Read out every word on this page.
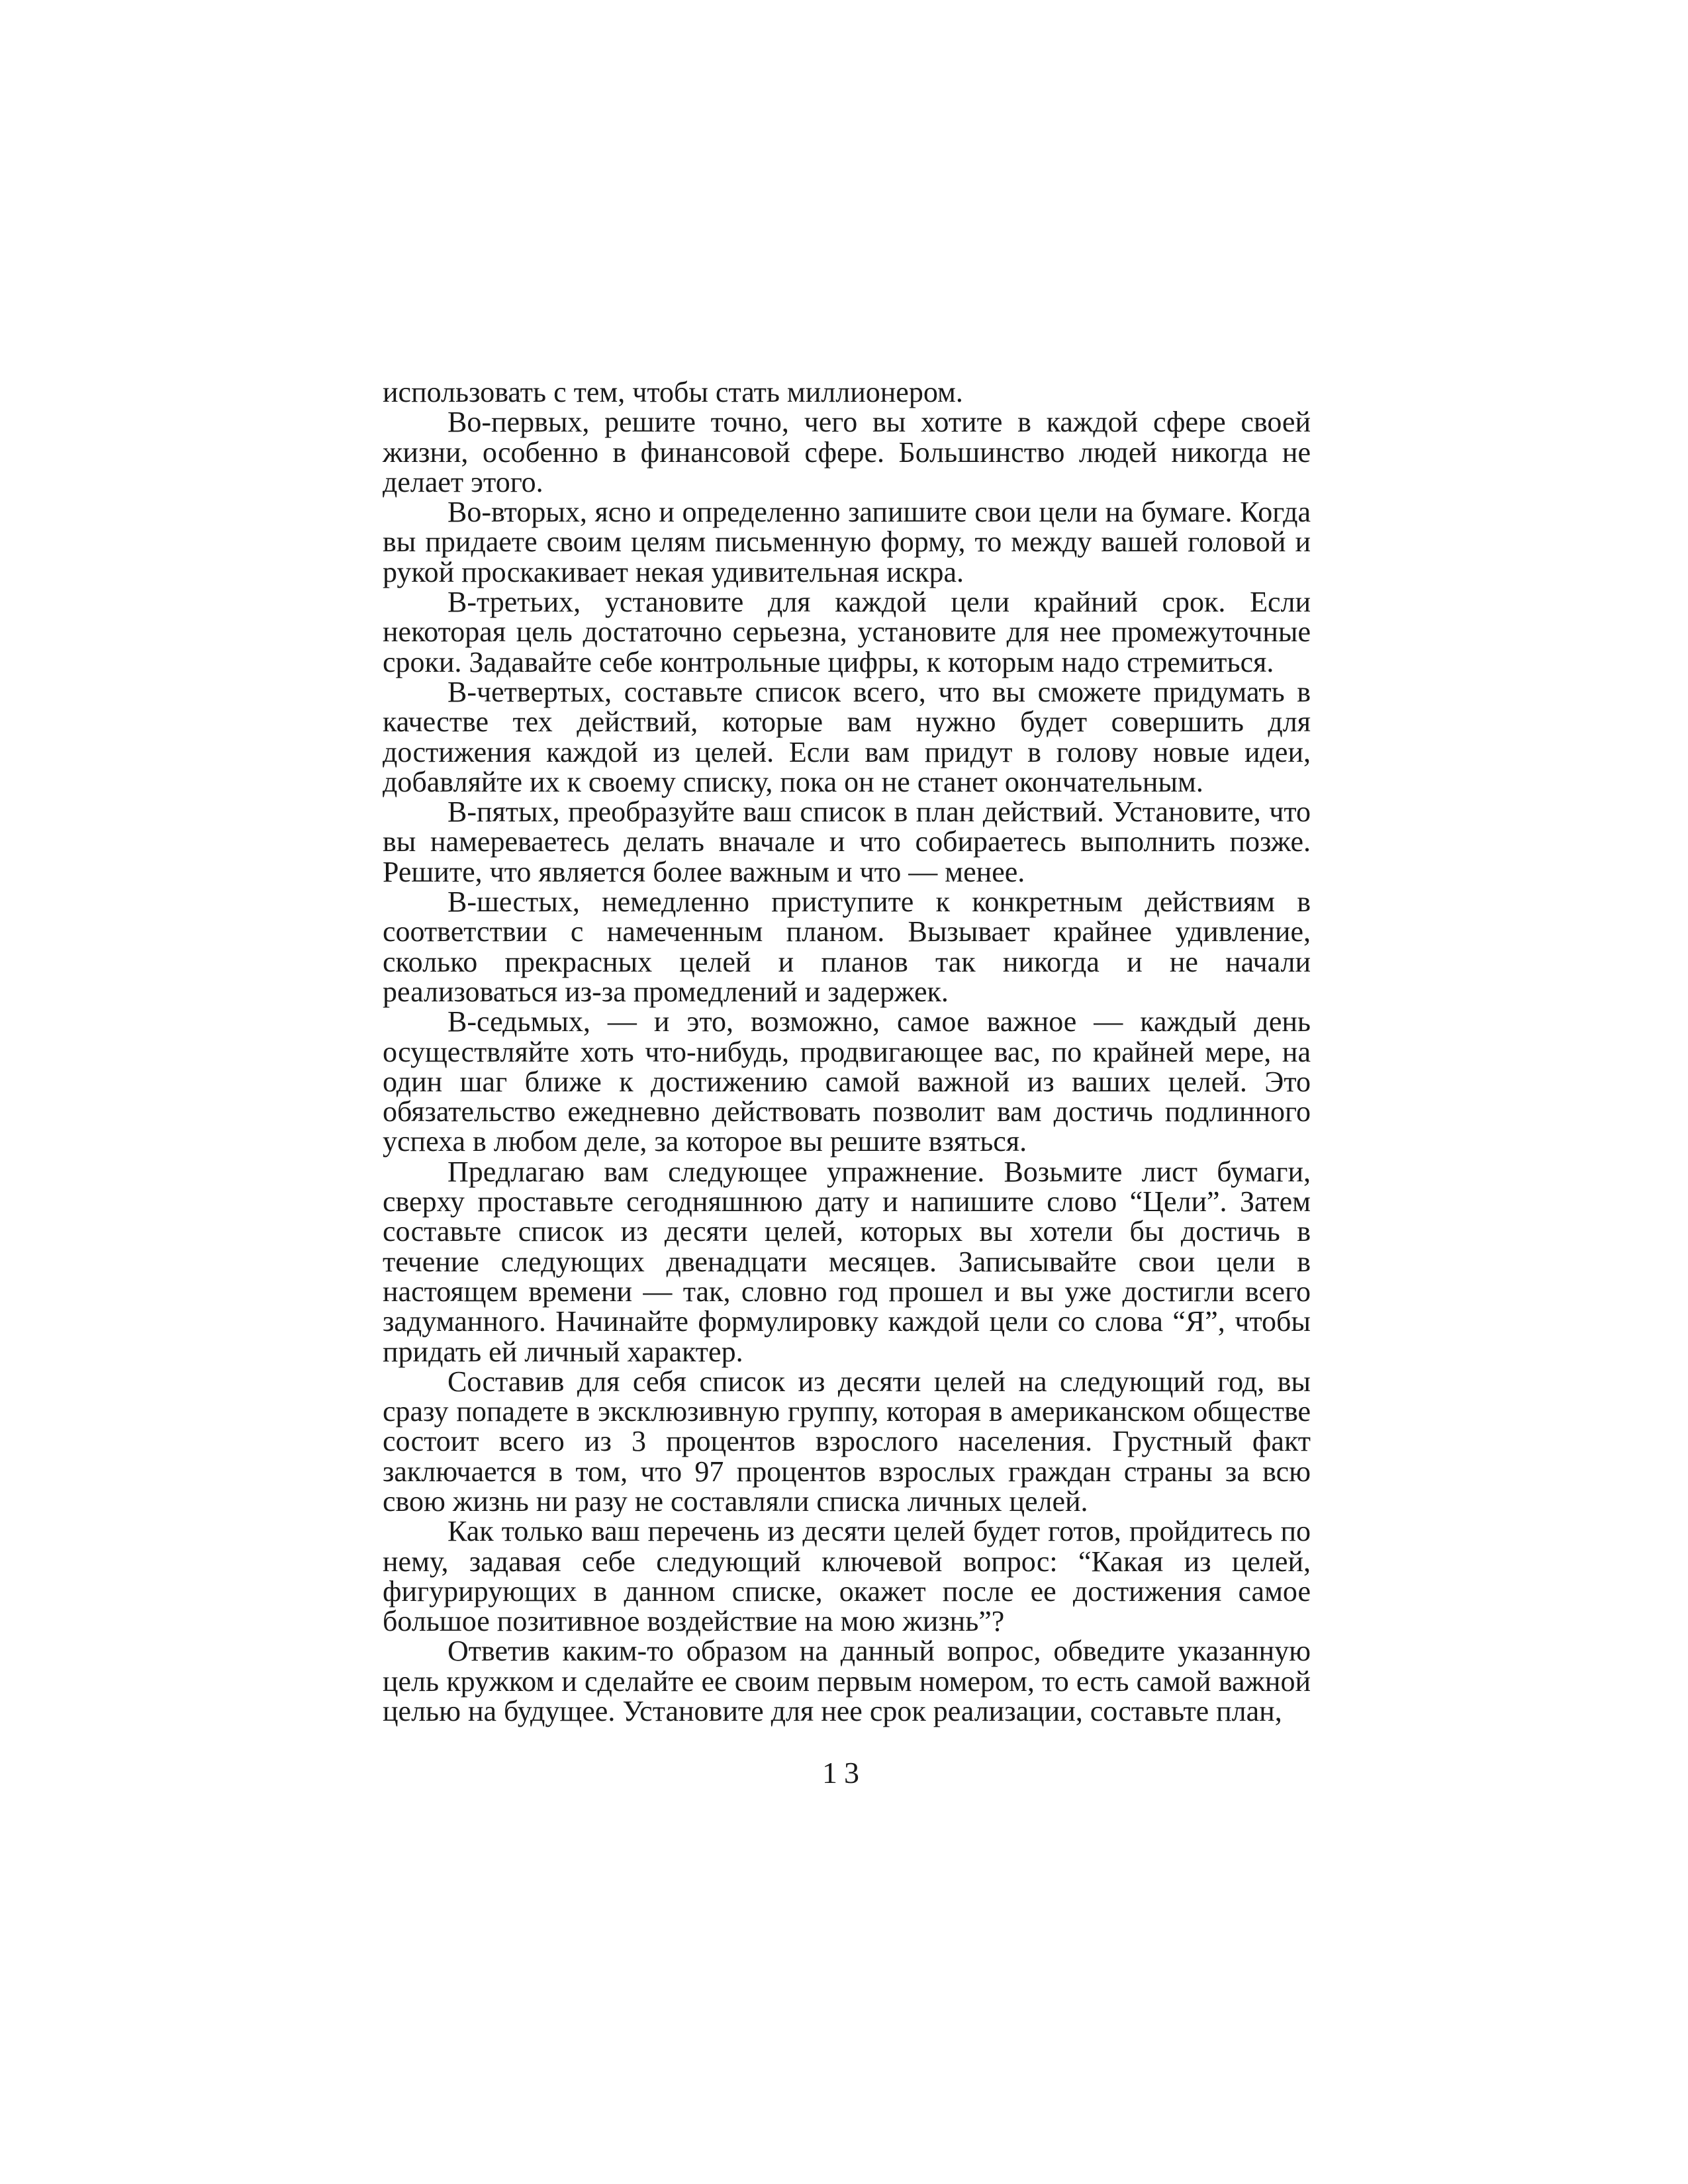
использовать с тем, чтобы стать миллионером.

Во-первых, решите точно, чего вы хотите в каждой сфере своей жизни, особенно в финансовой сфере. Большинство людей никогда не делает этого.

Во-вторых, ясно и определенно запишите свои цели на бумаге. Когда вы придаете своим целям письменную форму, то между вашей головой и рукой проскакивает некая удивительная искра.

В-третьих, установите для каждой цели крайний срок. Если некоторая цель достаточно серьезна, установите для нее промежуточные сроки. Задавайте себе контрольные цифры, к которым надо стремиться.

В-четвертых, составьте список всего, что вы сможете придумать в качестве тех действий, которые вам нужно будет совершить для достижения каждой из целей. Если вам придут в голову новые идеи, добавляйте их к своему списку, пока он не станет окончательным.

В-пятых, преобразуйте ваш список в план действий. Установите, что вы намереваетесь делать вначале и что собираетесь выполнить позже. Решите, что является более важным и что — менее.

В-шестых, немедленно приступите к конкретным действиям в соответствии с намеченным планом. Вызывает крайнее удивление, сколько прекрасных целей и планов так никогда и не начали реализоваться из-за промедлений и задержек.

В-седьмых, — и это, возможно, самое важное — каждый день осуществляйте хоть что-нибудь, продвигающее вас, по крайней мере, на один шаг ближе к достижению самой важной из ваших целей. Это обязательство ежедневно действовать позволит вам достичь подлинного успеха в любом деле, за которое вы решите взяться.

Предлагаю вам следующее упражнение. Возьмите лист бумаги, сверху проставьте сегодняшнюю дату и напишите слово “Цели”. Затем составьте список из десяти целей, которых вы хотели бы достичь в течение следующих двенадцати месяцев. Записывайте свои цели в настоящем времени — так, словно год прошел и вы уже достигли всего задуманного. Начинайте формулировку каждой цели со слова “Я”, чтобы придать ей личный характер.

Составив для себя список из десяти целей на следующий год, вы сразу попадете в эксклюзивную группу, которая в американском обществе состоит всего из 3 процентов взрослого населения. Грустный факт заключается в том, что 97 процентов взрослых граждан страны за всю свою жизнь ни разу не составляли списка личных целей.

Как только ваш перечень из десяти целей будет готов, пройдитесь по нему, задавая себе следующий ключевой вопрос: “Какая из целей, фигурирующих в данном списке, окажет после ее достижения самое большое позитивное воздействие на мою жизнь”?

Ответив каким-то образом на данный вопрос, обведите указанную цель кружком и сделайте ее своим первым номером, то есть самой важной целью на будущее. Установите для нее срок реализации, составьте план,

13
